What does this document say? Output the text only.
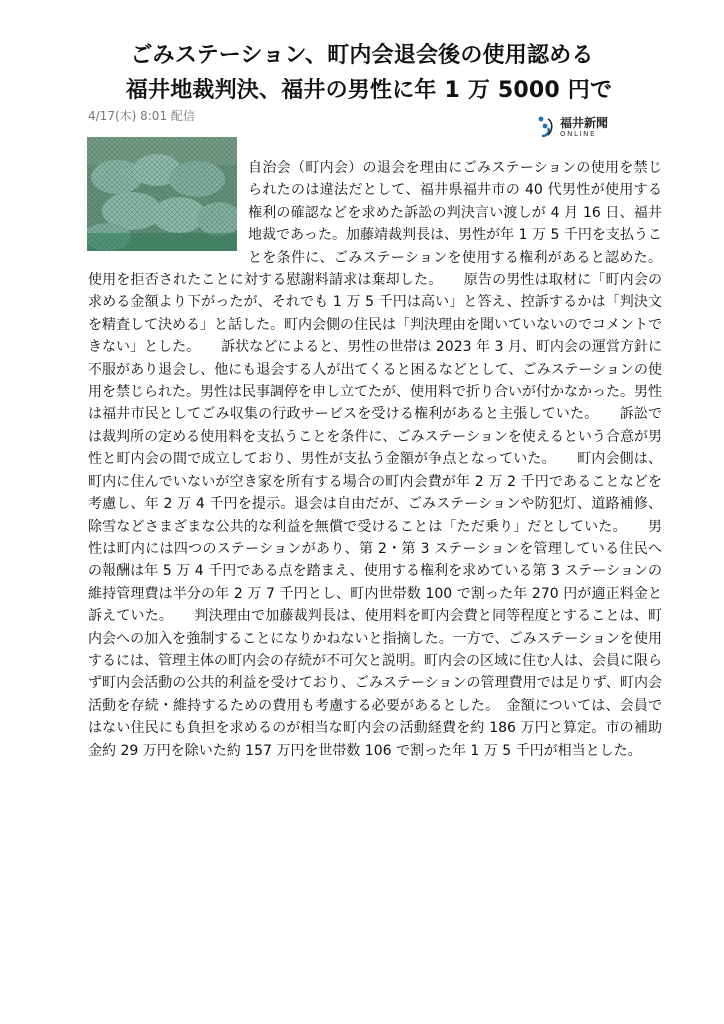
ごみステーション、町内会退会後の使用認める

福井地裁判決、福井の男性に年 1 万 5000 円で
4/17(木) 8:01 配信	福井新聞
ONLINE

自治会（町内会）の退会を理由にごみステーションの使用を禁じられたのは違法だとして、福井県福井市の 40 代男性が使用する権利の確認などを求めた訴訟の判決言い渡しが 4 月 16 日、福井地裁であった。加藤靖裁判長は、男性が年 1 万 5 千円を支払うことを条件に、ごみステーションを使用する権利があると認めた。使用を拒否されたことに対する慰謝料請求は棄却した。　　原告の男性は取材に「町内会の求める金額より下がったが、それでも 1 万 5 千円は高い」と答え、控訴するかは「判決文を精査して決める」と話した。町内会側の住民は「判決理由を聞いていないのでコメントできない」とした。　　訴状などによると、男性の世帯は 2023 年 3 月、町内会の運営方針に不服があり退会し、他にも退会する人が出てくると困るなどとして、ごみステーションの使用を禁じられた。男性は民事調停を申し立てたが、使用料で折り合いが付かなかった。男性は福井市民としてごみ収集の行政サービスを受ける権利があると主張していた。　　訴訟では裁判所の定める使用料を支払うことを条件に、ごみステーションを使えるという合意が男性と町内会の間で成立しており、男性が支払う金額が争点となっていた。　　町内会側は、町内に住んでいないが空き家を所有する場合の町内会費が年 2 万 2 千円であることなどを考慮し、年 2 万 4 千円を提示。退会は自由だが、ごみステーションや防犯灯、道路補修、除雪などさまざまな公共的な利益を無償で受けることは「ただ乗り」だとしていた。　　男性は町内には四つのステーションがあり、第 2・第 3 ステーションを管理している住民への報酬は年 5 万 4 千円である点を踏まえ、使用する権利を求めている第 3 ステーションの維持管理費は半分の年 2 万 7 千円とし、町内世帯数 100 で割った年 270 円が適正料金と訴えていた。　　判決理由で加藤裁判長は、使用料を町内会費と同等程度とすることは、町内会への加入を強制することになりかねないと指摘した。一方で、ごみステーションを使用するには、管理主体の町内会の存続が不可欠と説明。町内会の区域に住む人は、会員に限らず町内会活動の公共的利益を受けており、ごみステーションの管理費用では足りず、町内会活動を存続・維持するための費用も考慮する必要があるとした。　金額については、会員ではない住民にも負担を求めるのが相当な町内会の活動経費を約 186 万円と算定。市の補助金約 29 万円を除いた約 157 万円を世帯数 106 で割った年 1 万 5 千円が相当とした。
